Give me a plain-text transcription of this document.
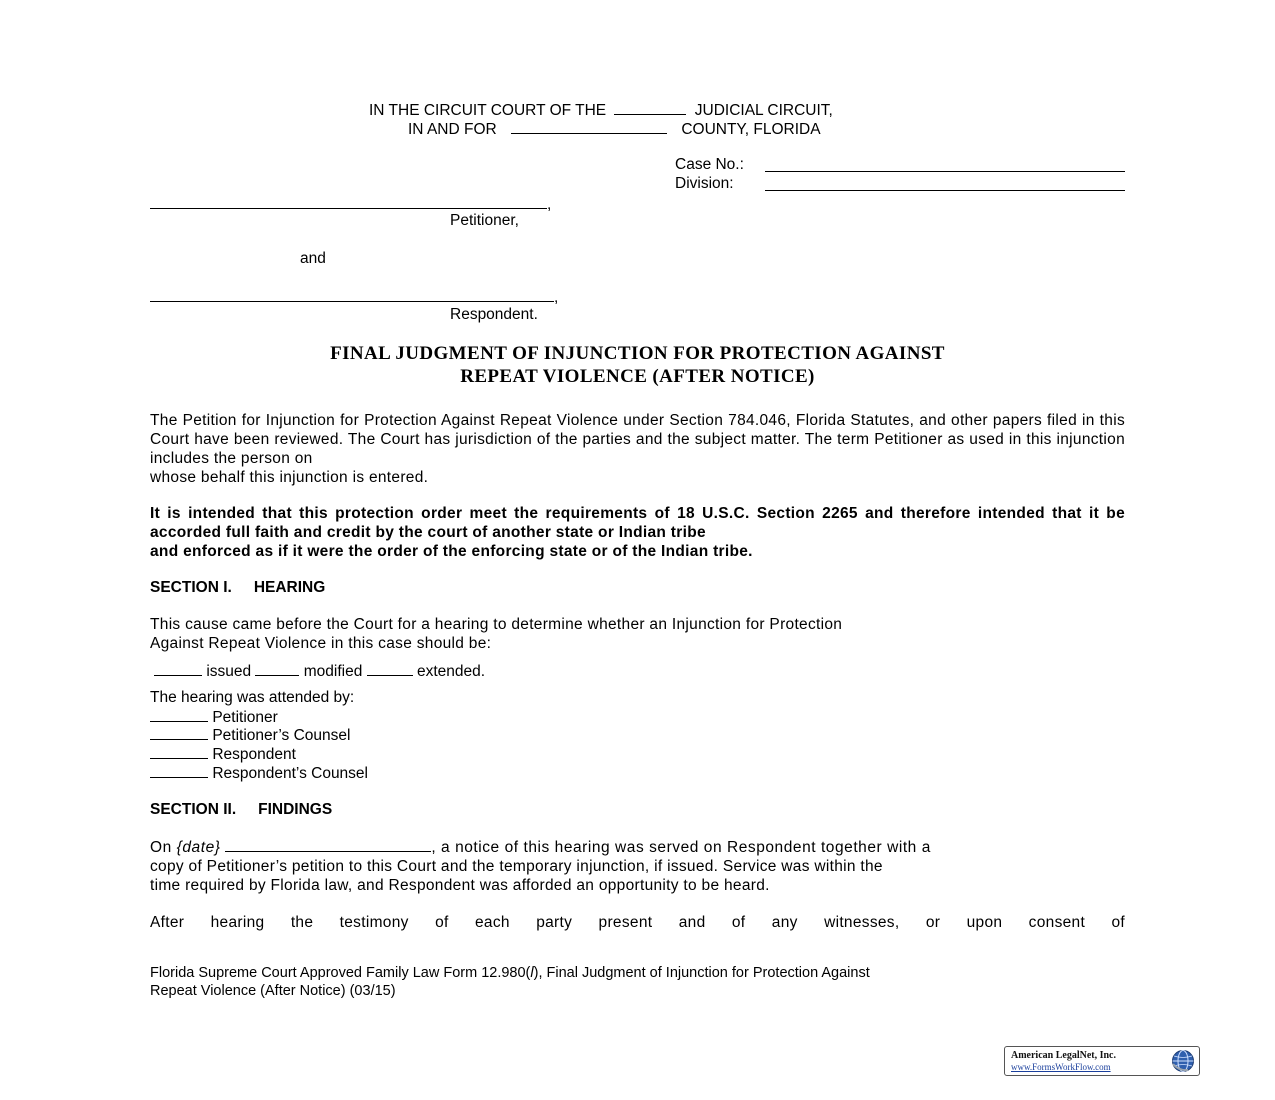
IN THE CIRCUIT COURT OF THE	JUDICIAL CIRCUIT,
IN AND FOR	COUNTY, FLORIDA
Case No.:
Division:
,
Petitioner,
and
,
Respondent.
FINAL JUDGMENT OF INJUNCTION FOR PROTECTION AGAINST
REPEAT VIOLENCE (AFTER NOTICE)
The Petition for Injunction for Protection Against Repeat Violence under Section 784.046, Florida Statutes, and other papers filed in this Court have been reviewed. The Court has jurisdiction of the parties and the subject matter. The term Petitioner as used in this injunction includes the person on
whose behalf this injunction is entered.
It is intended that this protection order meet the requirements of 18 U.S.C. Section 2265 and therefore intended that it be accorded full faith and credit by the court of another state or Indian tribe
and enforced as if it were the order of the enforcing state or of the Indian tribe.
SECTION I. HEARING
This cause came before the Court for a hearing to determine whether an Injunction for Protection
Against Repeat Violence in this case should be:
issued	modified	extended.
The hearing was attended by:
Petitioner
Petitioner’s Counsel
Respondent
Respondent’s Counsel
SECTION II. FINDINGS
On {date}	, a notice of this hearing was served on Respondent together with a
copy of Petitioner’s petition to this Court and the temporary injunction, if issued. Service was within the
time required by Florida law, and Respondent was afforded an opportunity to be heard.
After hearing the testimony of each party present and of any witnesses, or upon consent of
Florida Supreme Court Approved Family Law Form 12.980(l), Final Judgment of Injunction for Protection Against
Repeat Violence (After Notice) (03/15)
American LegalNet, Inc.
www.FormsWorkFlow.com
